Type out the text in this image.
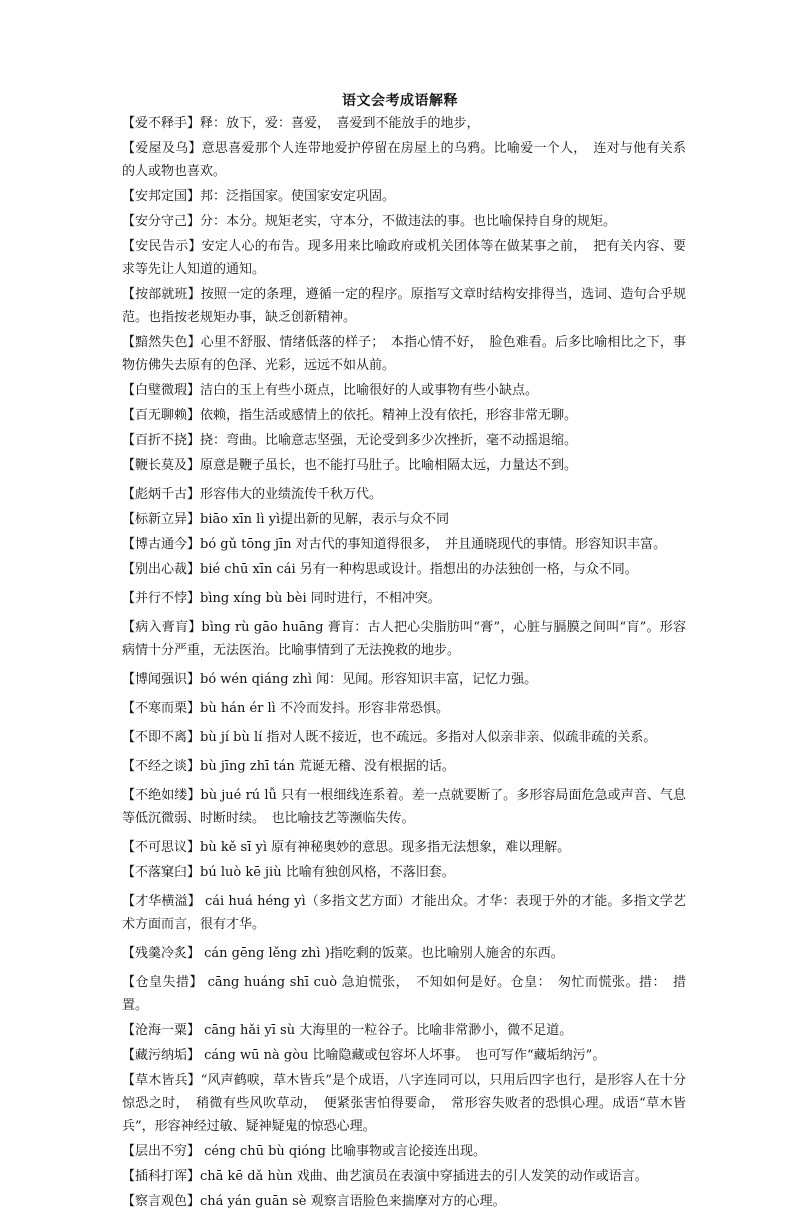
语文会考成语解释
【爱不释手】释：放下，爱：喜爱，　喜爱到不能放手的地步，
【爱屋及乌】意思喜爱那个人连带地爱护停留在房屋上的乌鸦。比喻爱一个人，　连对与他有关系的人或物也喜欢。
【安邦定国】邦：泛指国家。使国家安定巩固。
【安分守己】分：本分。规矩老实，守本分，不做违法的事。也比喻保持自身的规矩。
【安民告示】安定人心的布告。现多用来比喻政府或机关团体等在做某事之前，　把有关内容、要求等先让人知道的通知。
【按部就班】按照一定的条理，遵循一定的程序。原指写文章时结构安排得当，选词、造句合乎规范。也指按老规矩办事，缺乏创新精神。
【黯然失色】心里不舒服、情绪低落的样子；　本指心情不好，　脸色难看。后多比喻相比之下，事物仿佛失去原有的色泽、光彩，远远不如从前。
【白璧微瑕】洁白的玉上有些小斑点，比喻很好的人或事物有些小缺点。
【百无聊赖】依赖，指生活或感情上的依托。精神上没有依托，形容非常无聊。
【百折不挠】挠：弯曲。比喻意志坚强，无论受到多少次挫折，毫不动摇退缩。
【鞭长莫及】原意是鞭子虽长，也不能打马肚子。比喻相隔太远，力量达不到。
【彪炳千古】形容伟大的业绩流传千秋万代。
【标新立异】biāo xīn lì yì提出新的见解，表示与众不同
【博古通今】bó gǔ tōng jīn 对古代的事知道得很多，　并且通晓现代的事情。形容知识丰富。
【别出心裁】bié chū xīn cái 另有一种构思或设计。指想出的办法独创一格，与众不同。
【并行不悖】bìng xíng bù bèi 同时进行，不相冲突。
【病入膏肓】bìng rù gāo huāng 膏肓：古人把心尖脂肪叫“膏”，心脏与膈膜之间叫“肓”。形容病情十分严重，无法医治。比喻事情到了无法挽救的地步。
【博闻强识】bó wén qiáng zhì 闻：见闻。形容知识丰富，记忆力强。
【不寒而栗】bù hán ér lì 不冷而发抖。形容非常恐惧。
【不即不离】bù jí bù lí 指对人既不接近，也不疏远。多指对人似亲非亲、似疏非疏的关系。
【不经之谈】bù jīng zhī tán 荒诞无稽、没有根据的话。
【不绝如缕】bù jué rú lǚ 只有一根细线连系着。差一点就要断了。多形容局面危急或声音、气息等低沉微弱、时断时续。　也比喻技艺等濒临失传。
【不可思议】bù kě sī yì 原有神秘奥妙的意思。现多指无法想象，难以理解。
【不落窠臼】bú luò kē jiù 比喻有独创风格，不落旧套。
【才华横溢】 cái huá héng yì（多指文艺方面）才能出众。才华：表现于外的才能。多指文学艺术方面而言，很有才华。
【残羹冷炙】 cán gēng lěng zhì )指吃剩的饭菜。也比喻别人施舍的东西。
【仓皇失措】 cāng huáng shī cuò 急迫慌张，　不知如何是好。仓皇：　匆忙而慌张。措：　措置。
【沧海一粟】 cāng hǎi yī sù 大海里的一粒谷子。比喻非常渺小，微不足道。
【藏污纳垢】 cáng wū nà gòu 比喻隐藏或包容坏人坏事。　也可写作“藏垢纳污”。
【草木皆兵】“风声鹤唳，草木皆兵”是个成语，八字连同可以，只用后四字也行，是形容人在十分惊恐之时，　稍微有些风吹草动，　便紧张害怕得要命，　常形容失败者的恐惧心理。成语“草木皆兵”，形容神经过敏、疑神疑鬼的惊恐心理。
【层出不穷】 céng chū bù qióng 比喻事物或言论接连出现。
【插科打诨】chā kē dǎ hùn 戏曲、曲艺演员在表演中穿插进去的引人发笑的动作或语言。
【察言观色】chá yán guān sè 观察言语脸色来揣摩对方的心理。
